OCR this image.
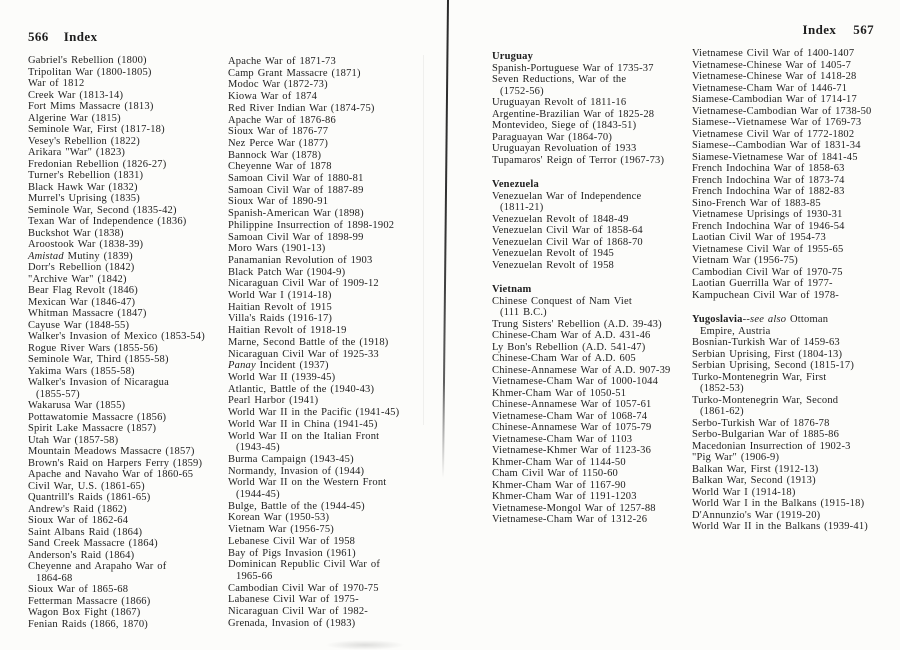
566 Index	Index 567
Gabriel's Rebellion (1800)
Tripolitan War (1800-1805)
War of 1812
Creek War (1813-14)
Fort Mims Massacre (1813)
Algerine War (1815)
Seminole War, First (1817-18)
Vesey's Rebellion (1822)
Arikara "War" (1823)
Fredonian Rebellion (1826-27)
Turner's Rebellion (1831)
Black Hawk War (1832)
Murrel's Uprising (1835)
Seminole War, Second (1835-42)
Texan War of Independence (1836)
Buckshot War (1838)
Aroostook War (1838-39)
Amistad Mutiny (1839)
Dorr's Rebellion (1842)
"Archive War" (1842)
Bear Flag Revolt (1846)
Mexican War (1846-47)
Whitman Massacre (1847)
Cayuse War (1848-55)
Walker's Invasion of Mexico (1853-54)
Rogue River Wars (1855-56)
Seminole War, Third (1855-58)
Yakima Wars (1855-58)
Walker's Invasion of Nicaragua
(1855-57)
Wakarusa War (1855)
Pottawatomie Massacre (1856)
Spirit Lake Massacre (1857)
Utah War (1857-58)
Mountain Meadows Massacre (1857)
Brown's Raid on Harpers Ferry (1859)
Apache and Navaho War of 1860-65
Civil War, U.S. (1861-65)
Quantrill's Raids (1861-65)
Andrew's Raid (1862)
Sioux War of 1862-64
Saint Albans Raid (1864)
Sand Creek Massacre (1864)
Anderson's Raid (1864)
Cheyenne and Arapaho War of
1864-68
Sioux War of 1865-68
Fetterman Massacre (1866)
Wagon Box Fight (1867)
Fenian Raids (1866, 1870)
Apache War of 1871-73
Camp Grant Massacre (1871)
Modoc War (1872-73)
Kiowa War of 1874
Red River Indian War (1874-75)
Apache War of 1876-86
Sioux War of 1876-77
Nez Perce War (1877)
Bannock War (1878)
Cheyenne War of 1878
Samoan Civil War of 1880-81
Samoan Civil War of 1887-89
Sioux War of 1890-91
Spanish-American War (1898)
Philippine Insurrection of 1898-1902
Samoan Civil War of 1898-99
Moro Wars (1901-13)
Panamanian Revolution of 1903
Black Patch War (1904-9)
Nicaraguan Civil War of 1909-12
World War I (1914-18)
Haitian Revolt of 1915
Villa's Raids (1916-17)
Haitian Revolt of 1918-19
Marne, Second Battle of the (1918)
Nicaraguan Civil War of 1925-33
Panay Incident (1937)
World War II (1939-45)
Atlantic, Battle of the (1940-43)
Pearl Harbor (1941)
World War II in the Pacific (1941-45)
World War II in China (1941-45)
World War II on the Italian Front
(1943-45)
Burma Campaign (1943-45)
Normandy, Invasion of (1944)
World War II on the Western Front
(1944-45)
Bulge, Battle of the (1944-45)
Korean War (1950-53)
Vietnam War (1956-75)
Lebanese Civil War of 1958
Bay of Pigs Invasion (1961)
Dominican Republic Civil War of
1965-66
Cambodian Civil War of 1970-75
Labanese Civil War of 1975-
Nicaraguan Civil War of 1982-
Grenada, Invasion of (1983)
Uruguay
Spanish-Portuguese War of 1735-37
Seven Reductions, War of the
(1752-56)
Uruguayan Revolt of 1811-16
Argentine-Brazilian War of 1825-28
Montevideo, Siege of (1843-51)
Paraguayan War (1864-70)
Uruguayan Revoluation of 1933
Tupamaros' Reign of Terror (1967-73)
Venezuela
Venezuelan War of Independence
(1811-21)
Venezuelan Revolt of 1848-49
Venezuelan Civil War of 1858-64
Venezuelan Civil War of 1868-70
Venezuelan Revolt of 1945
Venezuelan Revolt of 1958
Vietnam
Chinese Conquest of Nam Viet
(111 B.C.)
Trung Sisters' Rebellion (A.D. 39-43)
Chinese-Cham War of A.D. 431-46
Ly Bon's Rebellion (A.D. 541-47)
Chinese-Cham War of A.D. 605
Chinese-Annamese War of A.D. 907-39
Vietnamese-Cham War of 1000-1044
Khmer-Cham War of 1050-51
Chinese-Annamese War of 1057-61
Vietnamese-Cham War of 1068-74
Chinese-Annamese War of 1075-79
Vietnamese-Cham War of 1103
Vietnamese-Khmer War of 1123-36
Khmer-Cham War of 1144-50
Cham Civil War of 1150-60
Khmer-Cham War of 1167-90
Khmer-Cham War of 1191-1203
Vietnamese-Mongol War of 1257-88
Vietnamese-Cham War of 1312-26
Vietnamese Civil War of 1400-1407
Vietnamese-Chinese War of 1405-7
Vietnamese-Chinese War of 1418-28
Vietnamese-Cham War of 1446-71
Siamese-Cambodian War of 1714-17
Vietnamese-Cambodian War of 1738-50
Siamese--Vietnamese War of 1769-73
Vietnamese Civil War of 1772-1802
Siamese--Cambodian War of 1831-34
Siamese-Vietnamese War of 1841-45
French Indochina War of 1858-63
French Indochina War of 1873-74
French Indochina War of 1882-83
Sino-French War of 1883-85
Vietnamese Uprisings of 1930-31
French Indochina War of 1946-54
Laotian Civil War of 1954-73
Vietnamese Civil War of 1955-65
Vietnam War (1956-75)
Cambodian Civil War of 1970-75
Laotian Guerrilla War of 1977-
Kampuchean Civil War of 1978-
Yugoslavia--see also Ottoman
Empire, Austria
Bosnian-Turkish War of 1459-63
Serbian Uprising, First (1804-13)
Serbian Uprising, Second (1815-17)
Turko-Montenegrin War, First
(1852-53)
Turko-Montenegrin War, Second
(1861-62)
Serbo-Turkish War of 1876-78
Serbo-Bulgarian War of 1885-86
Macedonian Insurrection of 1902-3
"Pig War" (1906-9)
Balkan War, First (1912-13)
Balkan War, Second (1913)
World War I (1914-18)
World War I in the Balkans (1915-18)
D'Annunzio's War (1919-20)
World War II in the Balkans (1939-41)
